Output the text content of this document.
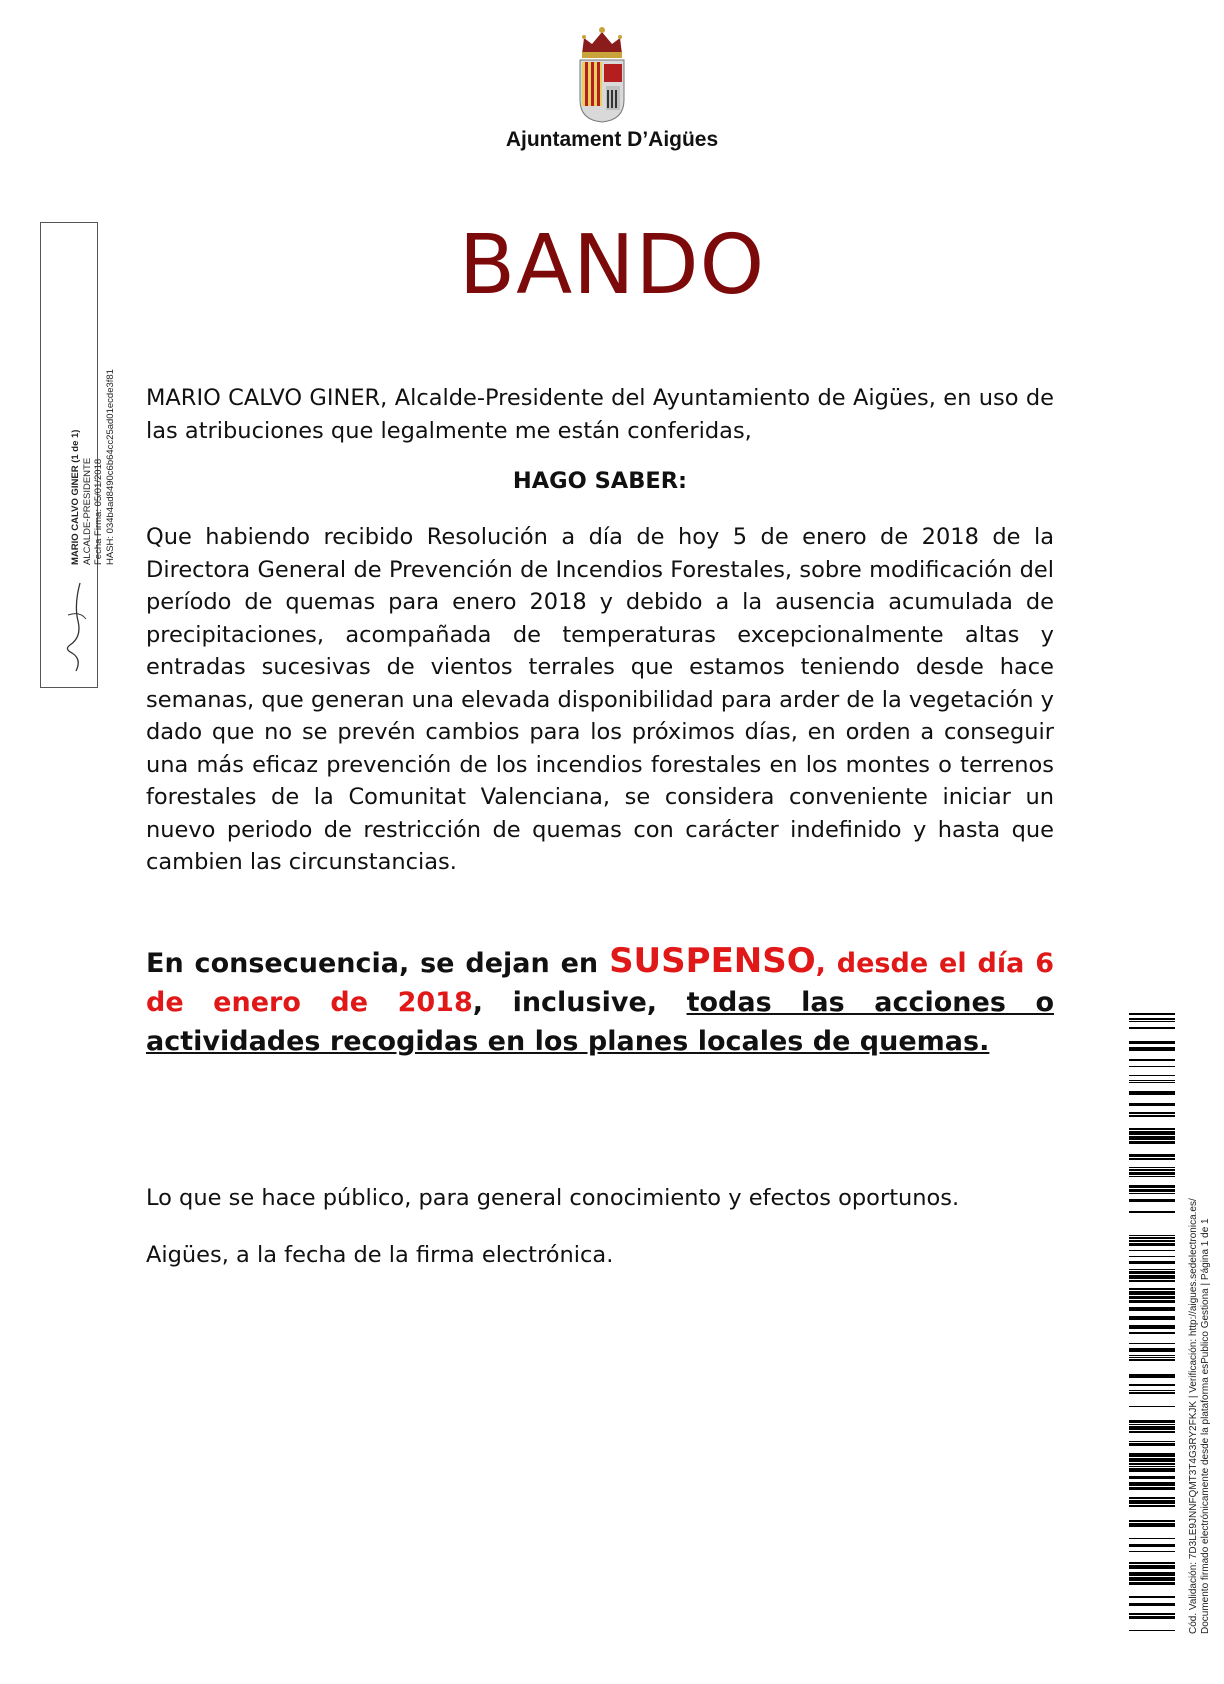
Ajuntament D’Aigües
BANDO
MARIO CALVO GINER, Alcalde-Presidente del Ayuntamiento de Aigües, en uso de las atribuciones que legalmente me están conferidas,
HAGO SABER:
Que habiendo recibido Resolución a día de hoy 5 de enero de 2018 de la Directora General de Prevención de Incendios Forestales, sobre modificación del período de quemas para enero 2018 y debido a la ausencia acumulada de precipitaciones, acompañada de temperaturas excepcionalmente altas y entradas sucesivas de vientos terrales que estamos teniendo desde hace semanas, que generan una elevada disponibilidad para arder de la vegetación y dado que no se prevén cambios para los próximos días, en orden a conseguir una más eficaz prevención de los incendios forestales en los montes o terrenos forestales de la Comunitat Valenciana, se considera conveniente iniciar un nuevo periodo de restricción de quemas con carácter indefinido y hasta que cambien las circunstancias.
En consecuencia, se dejan en SUSPENSO, desde el día 6 de enero de 2018, inclusive, todas las acciones o actividades recogidas en los planes locales de quemas.
Lo que se hace público, para general conocimiento y efectos oportunos.
Aigües, a la fecha de la firma electrónica.
MARIO CALVO GINER (1 de 1) ALCALDE-PRESIDENTE Fecha Firma: 05/01/2018 HASH: 034b4ad8490c6b64cc25ad01ecde3f81
Cód. Validación: 7D3LE9JNNFQMT3T4G3RY2FKJK | Verificación: http://aigues.sedelectronica.es/ Documento firmado electrónicamente desde la plataforma esPublico Gestiona | Página 1 de 1
